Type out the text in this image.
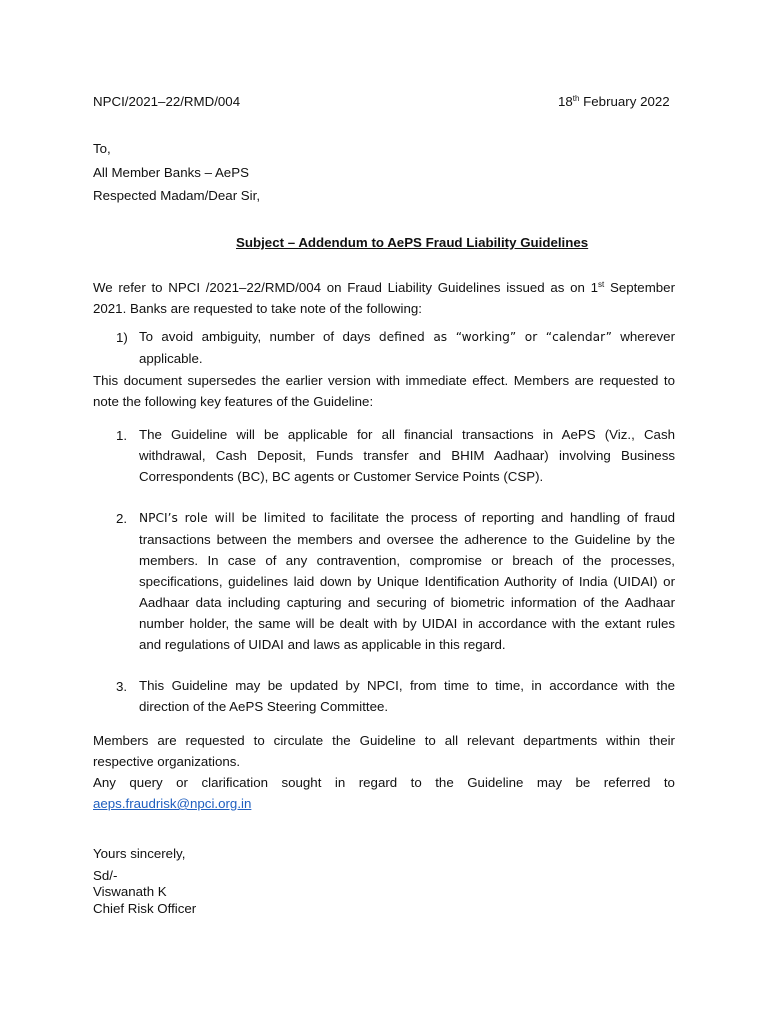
NPCI/2021–22/RMD/004	18th February 2022
To,
All Member Banks – AePS
Respected Madam/Dear Sir,
Subject – Addendum to AePS Fraud Liability Guidelines
We refer to NPCI /2021–22/RMD/004 on Fraud Liability Guidelines issued as on 1st September 2021. Banks are requested to take note of the following:
1) To avoid ambiguity, number of days defined as “working” or “calendar” wherever applicable.
This document supersedes the earlier version with immediate effect. Members are requested to note the following key features of the Guideline:
1. The Guideline will be applicable for all financial transactions in AePS (Viz., Cash withdrawal, Cash Deposit, Funds transfer and BHIM Aadhaar) involving Business Correspondents (BC), BC agents or Customer Service Points (CSP).
2. NPCI’s role will be limited to facilitate the process of reporting and handling of fraud transactions between the members and oversee the adherence to the Guideline by the members. In case of any contravention, compromise or breach of the processes, specifications, guidelines laid down by Unique Identification Authority of India (UIDAI) or Aadhaar data including capturing and securing of biometric information of the Aadhaar number holder, the same will be dealt with by UIDAI in accordance with the extant rules and regulations of UIDAI and laws as applicable in this regard.
3. This Guideline may be updated by NPCI, from time to time, in accordance with the direction of the AePS Steering Committee.
Members are requested to circulate the Guideline to all relevant departments within their respective organizations.
Any query or clarification sought in regard to the Guideline may be referred to
aeps.fraudrisk@npci.org.in
Yours sincerely,
Sd/-
Viswanath K
Chief Risk Officer
